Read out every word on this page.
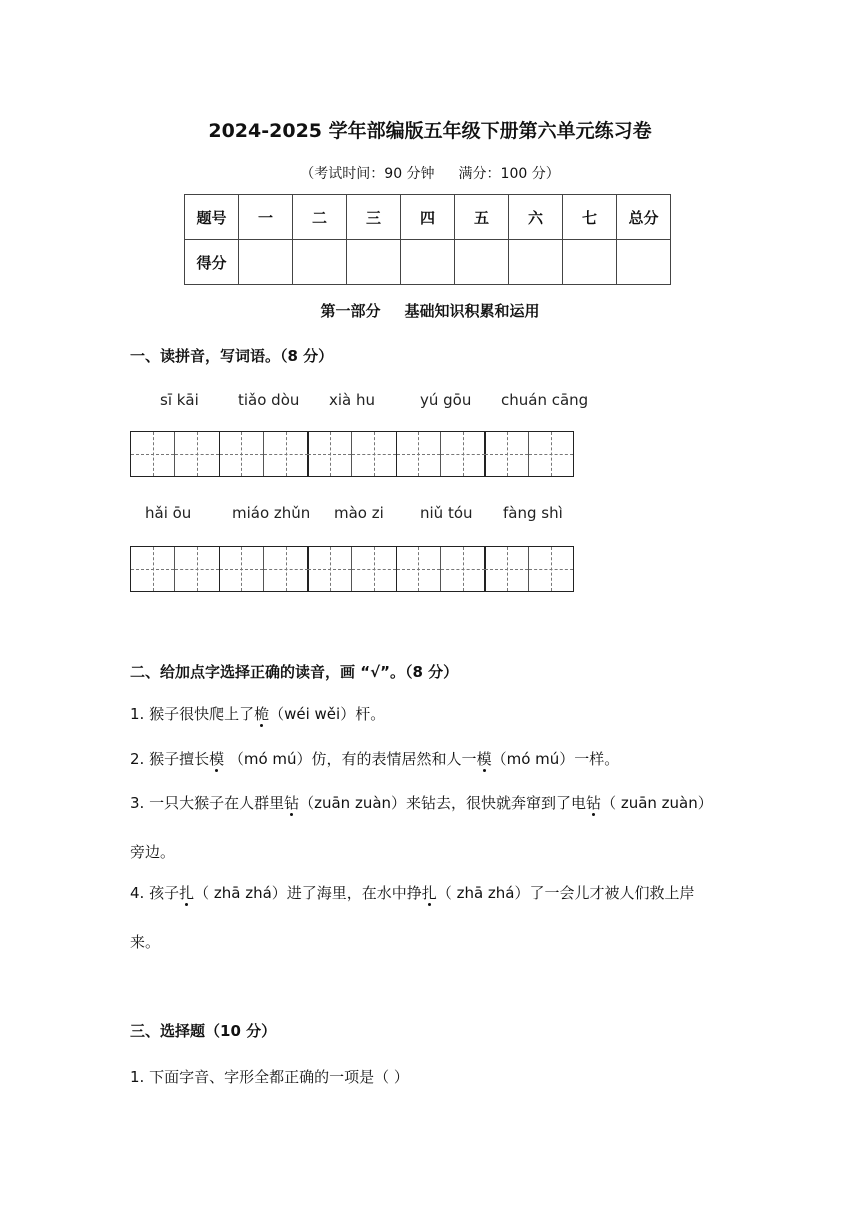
2024-2025 学年部编版五年级下册第六单元练习卷
（考试时间：90 分钟 满分：100 分）
题号	一	二	三	四	五	六	七	总分
得分								
第一部分 基础知识积累和运用
一、读拼音，写词语。（8 分）
sī kāi	tiǎo dòu xià hu	yú gōu chuán cāng
hǎi ōu	miáo zhǔn mào zi niǔ tóu fàng shì
二、给加点字选择正确的读音，画 “√”。（8 分）
1. 猴子很快爬上了桅（wéi wěi）杆。
2. 猴子擅长模 （mó mú）仿，有的表情居然和人一模（mó mú）一样。
3. 一只大猴子在人群里钻（zuān zuàn）来钻去，很快就奔窜到了电钻（ zuān zuàn）
旁边。
4. 孩子扎（ zhā zhá）进了海里，在水中挣扎（ zhā zhá）了一会儿才被人们救上岸
来。
三、选择题（10 分）
1. 下面字音、字形全都正确的一项是（ ）
